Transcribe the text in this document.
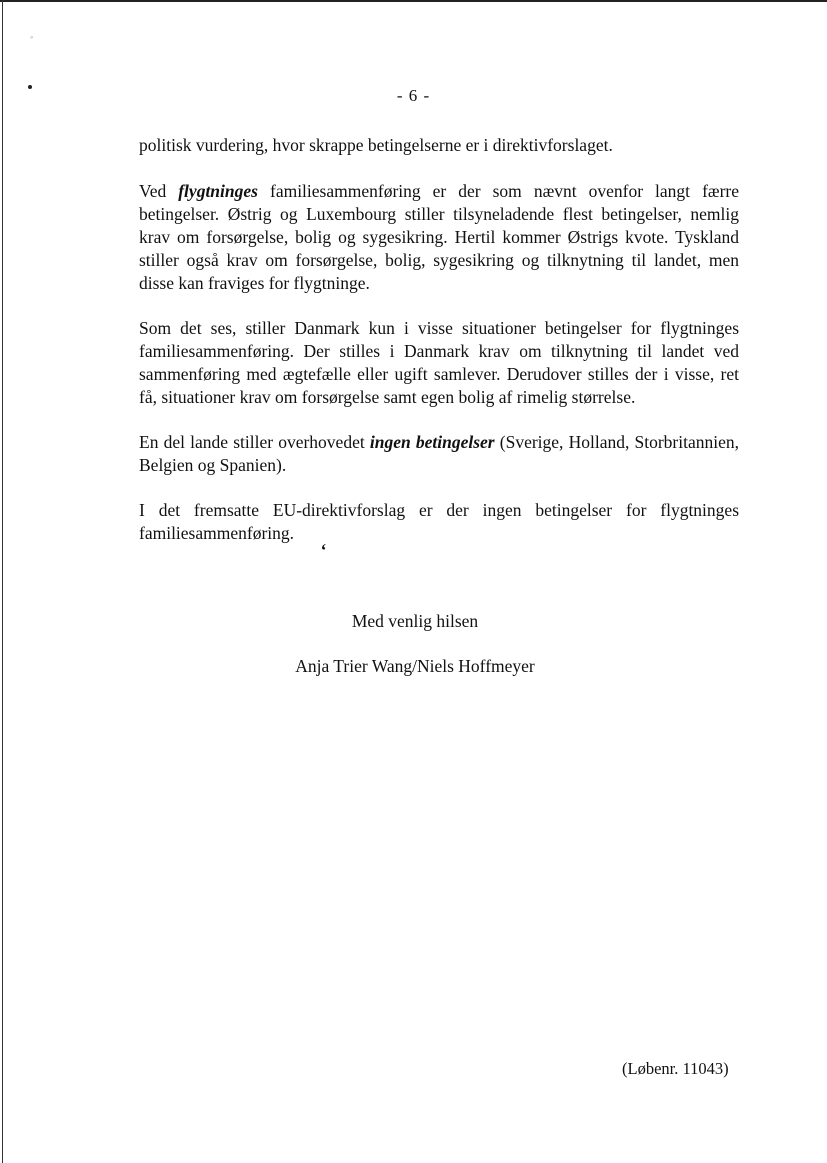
◦
- 6 -
politisk vurdering, hvor skrappe betingelserne er i direktivforslaget.
Ved flygtninges familiesammenføring er der som nævnt ovenfor langt færre betingelser. Østrig og Luxembourg stiller tilsyneladende flest betingelser, nemlig krav om forsørgelse, bolig og sygesikring. Hertil kommer Østrigs kvote. Tyskland stiller også krav om forsørgelse, bolig, sygesikring og tilknytning til landet, men disse kan fraviges for flygtninge.
Som det ses, stiller Danmark kun i visse situationer betingelser for flygtninges familiesammenføring. Der stilles i Danmark krav om tilknytning til landet ved sammenføring med ægtefælle eller ugift samlever. Derudover stilles der i visse, ret få, situationer krav om forsørgelse samt egen bolig af rimelig størrelse.
En del lande stiller overhovedet ingen betingelser (Sverige, Holland, Storbritannien, Belgien og Spanien).
I det fremsatte EU-direktivforslag er der ingen betingelser for flygtninges familiesammenføring.
ʻ
Med venlig hilsen
Anja Trier Wang/Niels Hoffmeyer
(Løbenr. 11043)
